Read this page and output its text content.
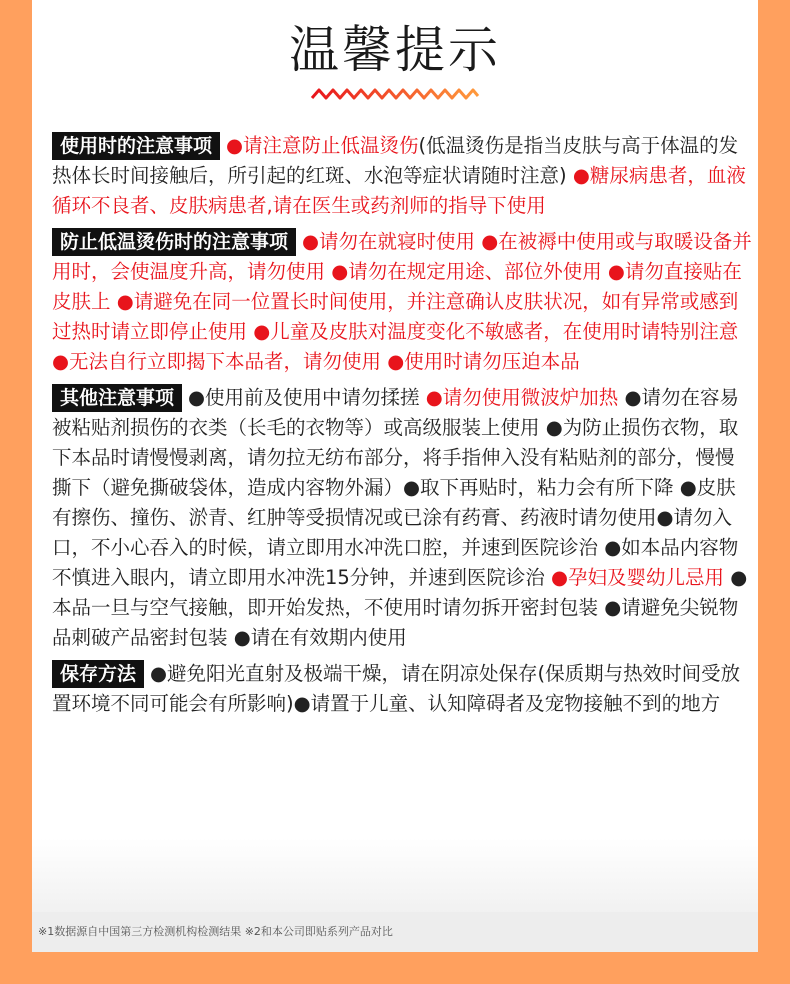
温馨提示
使用时的注意事项 ●请注意防止低温烫伤(低温烫伤是指当皮肤与高于体温的发热体长时间接触后，所引起的红斑、水泡等症状请随时注意) ●糖尿病患者，血液循环不良者、皮肤病患者,请在医生或药剂师的指导下使用
防止低温烫伤时的注意事项 ●请勿在就寝时使用 ●在被褥中使用或与取暖设备并用时，会使温度升高，请勿使用 ●请勿在规定用途、部位外使用 ●请勿直接贴在皮肤上 ●请避免在同一位置长时间使用，并注意确认皮肤状况，如有异常或感到过热时请立即停止使用 ●儿童及皮肤对温度变化不敏感者，在使用时请特别注意 ●无法自行立即揭下本品者，请勿使用 ●使用时请勿压迫本品
其他注意事项 ●使用前及使用中请勿揉搓 ●请勿使用微波炉加热 ●请勿在容易被粘贴剂损伤的衣类（长毛的衣物等）或高级服装上使用 ●为防止损伤衣物，取下本品时请慢慢剥离，请勿拉无纺布部分，将手指伸入没有粘贴剂的部分，慢慢撕下（避免撕破袋体，造成内容物外漏）●取下再贴时，粘力会有所下降 ●皮肤有擦伤、撞伤、淤青、红肿等受损情况或已涂有药膏、药液时请勿使用●请勿入口，不小心吞入的时候，请立即用水冲洗口腔，并速到医院诊治 ●如本品内容物不慎进入眼内，请立即用水冲洗15分钟，并速到医院诊治 ●孕妇及婴幼儿忌用 ●本品一旦与空气接触，即开始发热，不使用时请勿拆开密封包装 ●请避免尖锐物品刺破产品密封包装 ●请在有效期内使用
保存方法 ●避免阳光直射及极端干燥，请在阴凉处保存(保质期与热效时间受放置环境不同可能会有所影响)●请置于儿童、认知障碍者及宠物接触不到的地方
※1数据源自中国第三方检测机构检测结果 ※2和本公司即贴系列产品对比
